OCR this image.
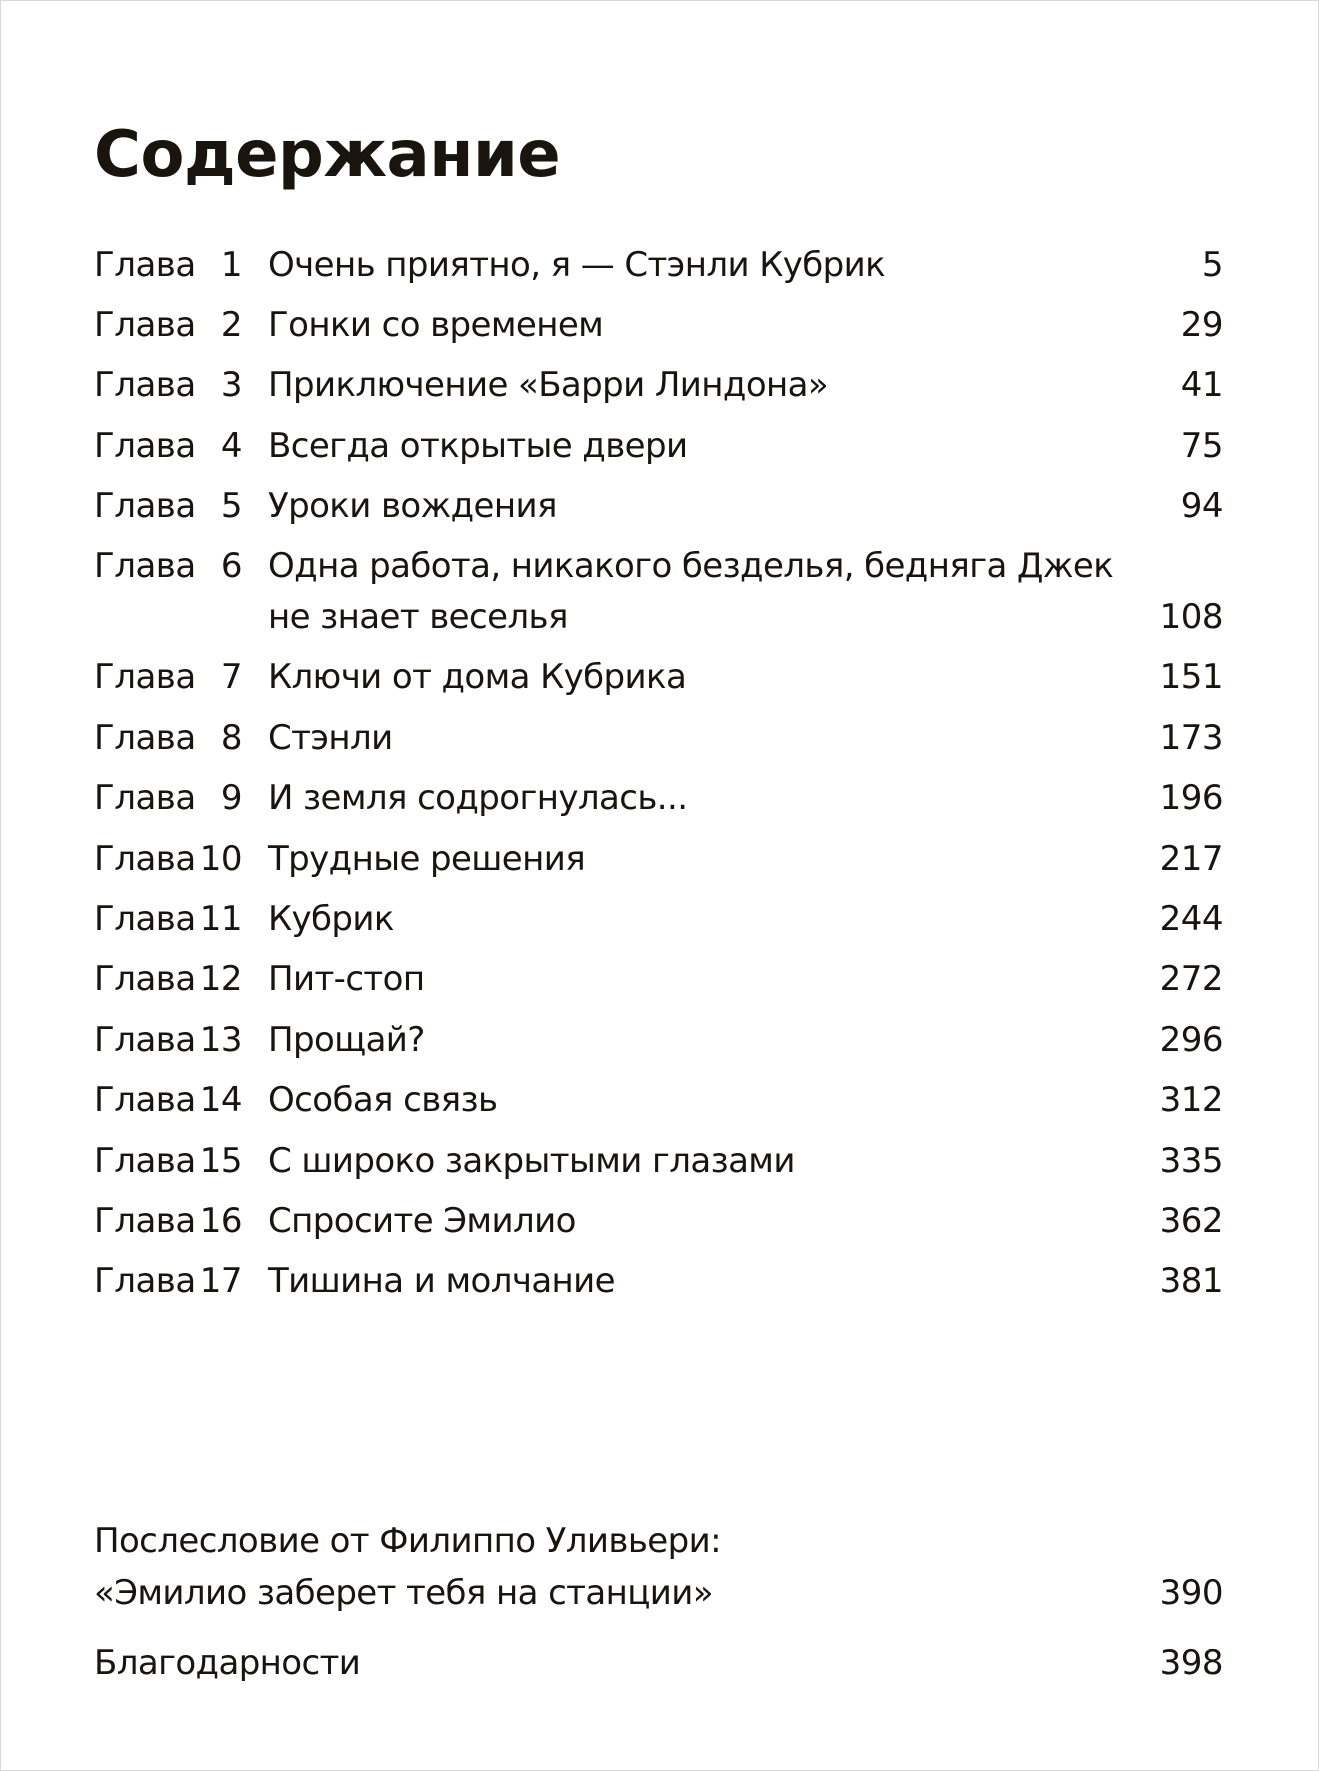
Содержание
Глава 1 Очень приятно, я — Стэнли Кубрик	5
Глава 2 Гонки со временем	29
Глава 3 Приключение «Барри Линдона»	41
Глава 4 Всегда открытые двери	75
Глава 5 Уроки вождения	94
Глава 6 Одна работа, никакого безделья, бедняга Джек
не знает веселья	108
Глава 7 Ключи от дома Кубрика	151
Глава 8 Стэнли	173
Глава 9 И земля содрогнулась...	196
Глава 10 Трудные решения	217
Глава 11 Кубрик	244
Глава 12 Пит-стоп	272
Глава 13 Прощай?	296
Глава 14 Особая связь	312
Глава 15 С широко закрытыми глазами	335
Глава 16 Спросите Эмилио	362
Глава 17 Тишина и молчание	381
Послесловие от Филиппо Уливьери:
«Эмилио заберет тебя на станции»	390
Благодарности	398
